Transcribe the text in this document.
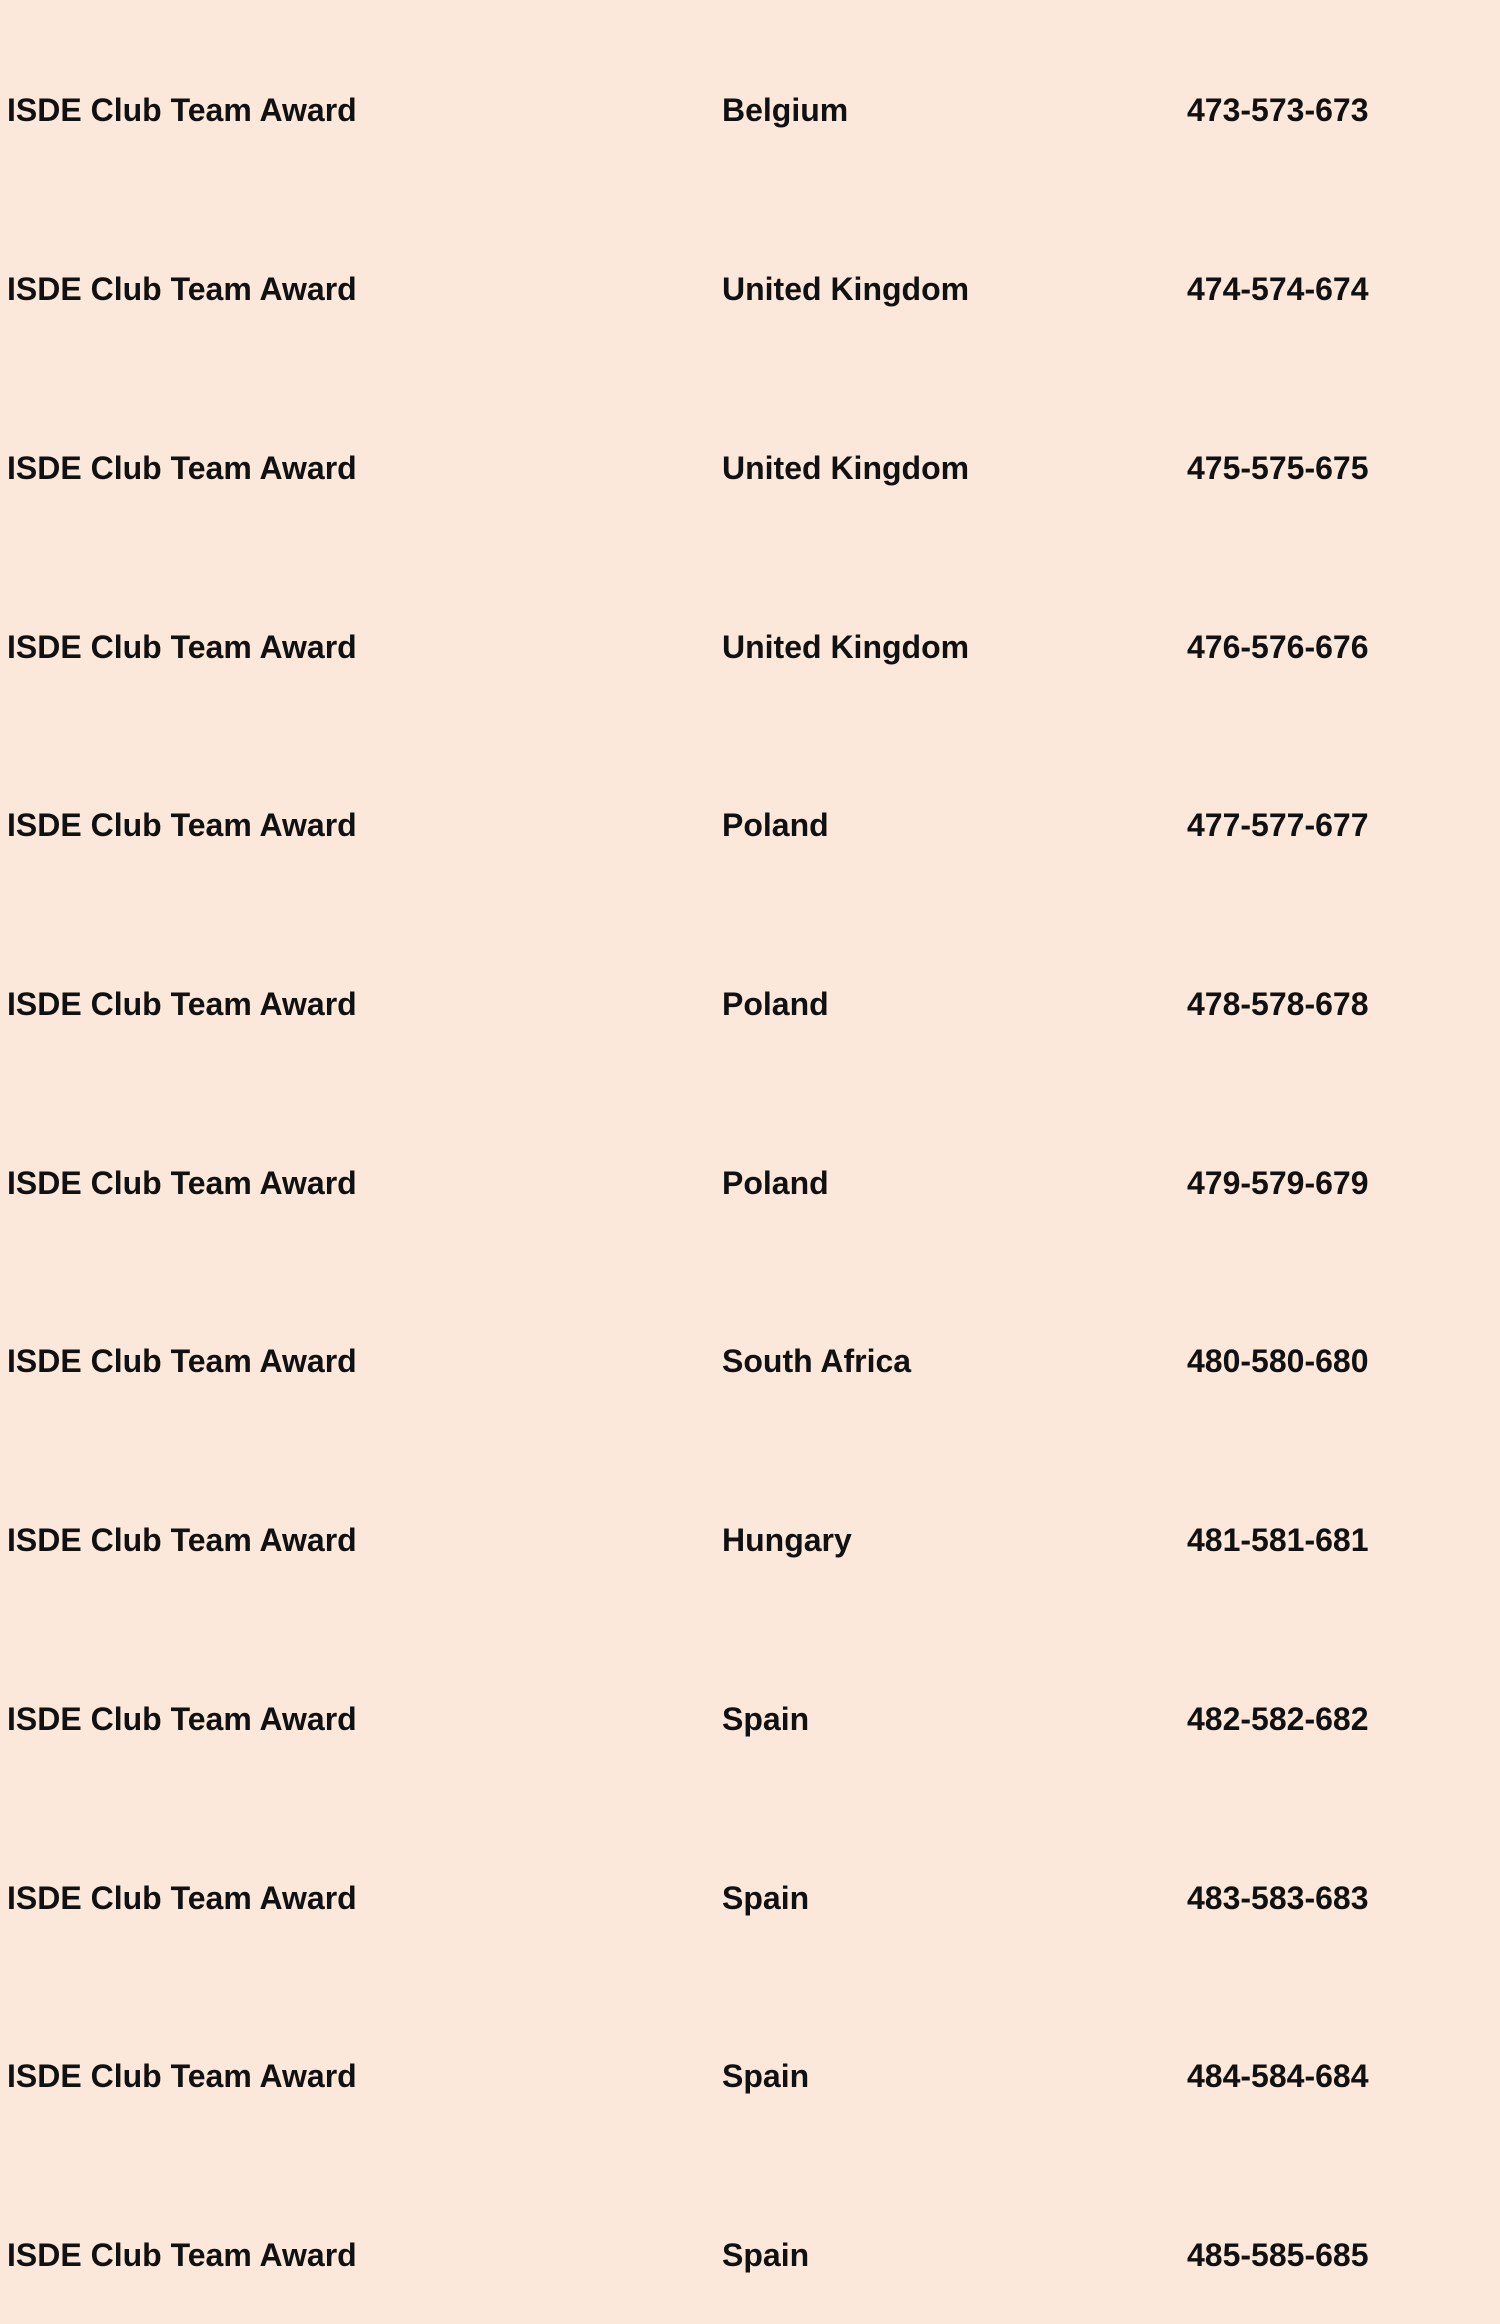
ISDE Club Team Award	Belgium	473-573-673
ISDE Club Team Award	United Kingdom	474-574-674
ISDE Club Team Award	United Kingdom	475-575-675
ISDE Club Team Award	United Kingdom	476-576-676
ISDE Club Team Award	Poland	477-577-677
ISDE Club Team Award	Poland	478-578-678
ISDE Club Team Award	Poland	479-579-679
ISDE Club Team Award	South Africa	480-580-680
ISDE Club Team Award	Hungary	481-581-681
ISDE Club Team Award	Spain	482-582-682
ISDE Club Team Award	Spain	483-583-683
ISDE Club Team Award	Spain	484-584-684
ISDE Club Team Award	Spain	485-585-685
